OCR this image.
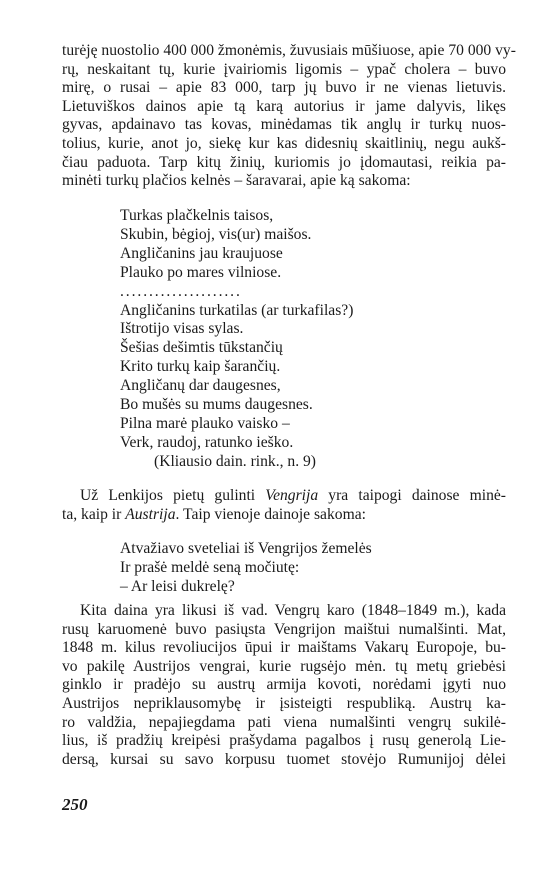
turėję nuostolio 400 000 žmonėmis, žuvusiais mūšiuose, apie 70 000 vy-
rų, neskaitant tų, kurie įvairiomis ligomis – ypač cholera – buvo
mirę, o rusai – apie 83 000, tarp jų buvo ir ne vienas lietuvis.
Lietuviškos dainos apie tą karą autorius ir jame dalyvis, likęs
gyvas, apdainavo tas kovas, minėdamas tik anglų ir turkų nuos-
tolius, kurie, anot jo, siekę kur kas didesnių skaitlinių, negu aukš-
čiau paduota. Tarp kitų žinių, kuriomis jo įdomautasi, reikia pa-
minėti turkų plačios kelnės – šaravarai, apie ką sakoma:
Turkas plačkelnis taisos,
Skubin, bėgioj, vis(ur) maišos.
Angličanins jau kraujuose
Plauko po mares vilniose.
.....................
Angličanins turkatilas (ar turkafilas?)
Ištrotijo visas sylas.
Šešias dešimtis tūkstančių
Krito turkų kaip šarančių.
Angličanų dar daugesnes,
Bo mušės su mums daugesnes.
Pilna marė plauko vaisko –
Verk, raudoj, ratunko ieško.
(Kliausio dain. rink., n. 9)
Už Lenkijos pietų gulinti Vengrija yra taipogi dainose minė-
ta, kaip ir Austrija. Taip vienoje dainoje sakoma:
Atvažiavo sveteliai iš Vengrijos žemelės
Ir prašė meldė seną močiutę:
– Ar leisi dukrelę?
Kita daina yra likusi iš vad. Vengrų karo (1848–1849 m.), kada
rusų karuomenė buvo pasiųsta Vengrijon maištui numalšinti. Mat,
1848 m. kilus revoliucijos ūpui ir maištams Vakarų Europoje, bu-
vo pakilę Austrijos vengrai, kurie rugsėjo mėn. tų metų griebėsi
ginklo ir pradėjo su austrų armija kovoti, norėdami įgyti nuo
Austrijos nepriklausomybę ir įsisteigti respubliką. Austrų ka-
ro valdžia, nepajiegdama pati viena numalšinti vengrų sukilė-
lius, iš pradžių kreipėsi prašydama pagalbos į rusų generolą Lie-
dersą, kursai su savo korpusu tuomet stovėjo Rumunijoj dėlei
250
